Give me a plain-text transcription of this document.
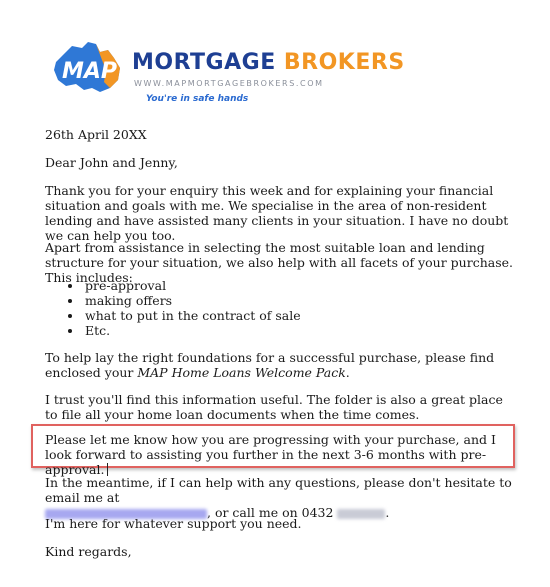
MAP MORTGAGE BROKERS
WWW.MAPMORTGAGEBROKERS.COM
You're in safe hands

26th April 20XX

Dear John and Jenny,

Thank you for your enquiry this week and for explaining your financial situation and goals with me. We specialise in the area of non-resident lending and have assisted many clients in your situation. I have no doubt we can help you too.

Apart from assistance in selecting the most suitable loan and lending structure for your situation, we also help with all facets of your purchase. This includes:

• pre-approval
• making offers
• what to put in the contract of sale
• Etc.

To help lay the right foundations for a successful purchase, please find enclosed your MAP Home Loans Welcome Pack.

I trust you'll find this information useful. The folder is also a great place to file all your home loan documents when the time comes.

Please let me know how you are progressing with your purchase, and I look forward to assisting you further in the next 3-6 months with pre-approval.

In the meantime, if I can help with any questions, please don't hesitate to email me at
, or call me on 0432	.

I'm here for whatever support you need.

Kind regards,
